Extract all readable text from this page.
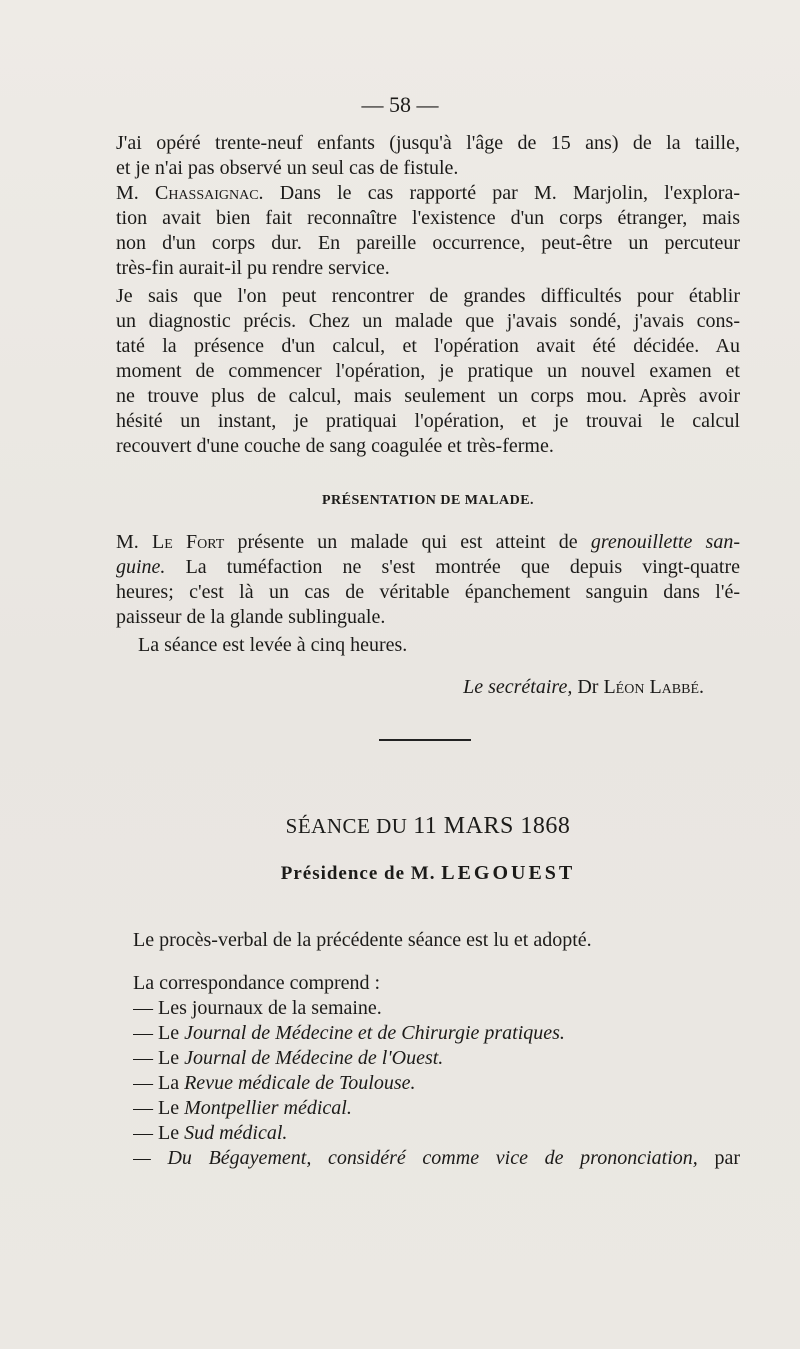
— 58 —
J'ai opéré trente-neuf enfants (jusqu'à l'âge de 15 ans) de la taille,
et je n'ai pas observé un seul cas de fistule.
M. Chassaignac. Dans le cas rapporté par M. Marjolin, l'explora-
tion avait bien fait reconnaître l'existence d'un corps étranger, mais
non d'un corps dur. En pareille occurrence, peut-être un percuteur
très-fin aurait-il pu rendre service.
Je sais que l'on peut rencontrer de grandes difficultés pour établir
un diagnostic précis. Chez un malade que j'avais sondé, j'avais cons-
taté la présence d'un calcul, et l'opération avait été décidée. Au
moment de commencer l'opération, je pratique un nouvel examen et
ne trouve plus de calcul, mais seulement un corps mou. Après avoir
hésité un instant, je pratiquai l'opération, et je trouvai le calcul
recouvert d'une couche de sang coagulée et très-ferme.
PRÉSENTATION DE MALADE.
M. Le Fort présente un malade qui est atteint de grenouillette san-
guine. La tuméfaction ne s'est montrée que depuis vingt-quatre
heures; c'est là un cas de véritable épanchement sanguin dans l'é-
paisseur de la glande sublinguale.
La séance est levée à cinq heures.
Le secrétaire, Dr Léon Labbé.
SÉANCE DU 11 MARS 1868
Présidence de M. LEGOUEST
Le procès-verbal de la précédente séance est lu et adopté.
La correspondance comprend :
— Les journaux de la semaine.
— Le Journal de Médecine et de Chirurgie pratiques.
— Le Journal de Médecine de l'Ouest.
— La Revue médicale de Toulouse.
— Le Montpellier médical.
— Le Sud médical.
— Du Bégayement, considéré comme vice de prononciation, par
